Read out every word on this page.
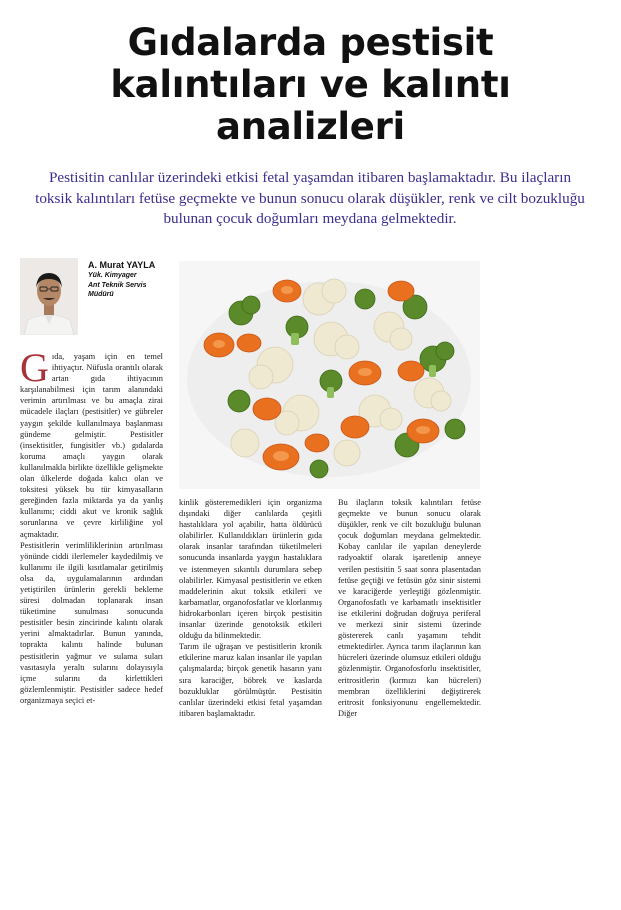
Gıdalarda pestisit
kalıntıları ve kalıntı
analizleri

Pestisitin canlılar üzerindeki etkisi fetal yaşamdan itibaren başlamaktadır. Bu ilaçların toksik kalıntıları fetüse geçmekte ve bunun sonucu olarak düşükler, renk ve cilt bozukluğu bulunan çocuk doğumları meydana gelmektedir.

A. Murat YAYLA
Yük. Kimyager
Ant Teknik Servis
Müdürü
G ıda, yaşam için en temel ihtiyaçtır. Nüfusla orantılı olarak artan gıda ihtiyacının karşılanabilmesi için tarım alanındaki verimin artırılması ve bu amaçla zirai mücadele ilaçları (pestisitler) ve gübreler yaygın şekilde kullanılmaya başlanması gündeme gelmiştir. Pestisitler (insektisitler, fungisitler vb.) gıdalarda koruma amaçlı yaygın olarak kullanılmakla birlikte özellikle gelişmekte olan ülkelerde doğada kalıcı olan ve toksitesi yüksek bu tür kimyasalların gereğinden fazla miktarda ya da yanlış kullanımı; ciddi akut ve kronik sağlık sorunlarına ve çevre kirliliğine yol açmaktadır.

Pestisitlerin verimlilikleriniın artırılması yönünde ciddi ilerlemeler kaydedilmiş ve kullanımı ile ilgili kısıtlamalar getirilmiş olsa da, uygulamalarının ardından yetiştirilen ürünlerin gerekli bekleme süresi dolmadan toplanarak insan tüketimine sunulması sonucunda pestisitler besin zincirinde kalıntı olarak yerini almaktadırlar. Bunun yanında, toprakta kalıntı halinde bulunan pestisitlerin yağmur ve sulama suları vasıtasıyla yeraltı sularını dolayısıyla içme sularını da kirlettikleri gözlemlenmiştir. Pestisitler sadece hedef organizmaya seçici et-

kinlik gösteremedikleri için organizma dışındaki diğer canlılarda çeşitli hastalıklara yol açabilir, hatta öldürücü olabilirler. Kullanıldıkları ürünlerin gıda olarak insanlar tarafından tüketilmeleri sonucunda insanlarda yaygın hastalıklara ve istenmeyen sıkıntılı durumlara sebep olabilirler. Kimyasal pestisitlerin ve etken maddelerinin akut toksik etkileri ve karbamatlar, organofosfatlar ve klorlanmış hidrokarbonları içeren birçok pestisitin insanlar üzerinde genotoksik etkileri olduğu da bilinmektedir.

Tarım ile uğraşan ve pestisitlerin kronik etkilerine maruz kalan insanlar ile yapılan çalışmalarda; birçok genetik hasarın yanı sıra karaciğer, böbrek ve kaslarda bozukluklar görülmüştür. Pestisitin canlılar üzerindeki etkisi fetal yaşamdan itibaren başlamaktadır.

Bu ilaçların toksik kalıntıları fetüse geçmekte ve bunun sonucu olarak düşükler, renk ve cilt bozukluğu bulunan çocuk doğumları meydana gelmektedir. Kobay canlılar ile yapılan deneylerde radyoaktif olarak işaretlenip anneye verilen pestisitin 5 saat sonra plasentadan fetüse geçtiği ve fetüsün göz sinir sistemi ve karaciğerde yerleştiği gözlenmiştir. Organofosfatlı ve karbamatlı insektisitler ise etkilerini doğrudan doğruya periferal ve merkezi sinir sistemi üzerinde göstererek canlı yaşamını tehdit etmektedirler. Ayrıca tarım ilaçlarının kan hücreleri üzerinde olumsuz etkileri olduğu gözlenmiştir. Organofosforlu insektisitler, eritrositlerin (kırmızı kan hücreleri) membran özelliklerini değiştirerek eritrosit fonksiyonunu engellemektedir. Diğer
